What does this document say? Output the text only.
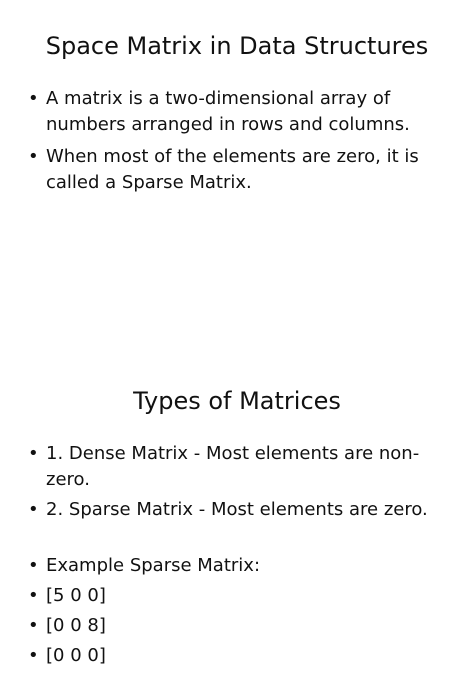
Space Matrix in Data Structures
• A matrix is a two-dimensional array of numbers arranged in rows and columns.
• When most of the elements are zero, it is called a Sparse Matrix.
Types of Matrices
• 1. Dense Matrix - Most elements are non-zero.
• 2. Sparse Matrix - Most elements are zero.
• Example Sparse Matrix:
• [5 0 0]
• [0 0 8]
• [0 0 0]
